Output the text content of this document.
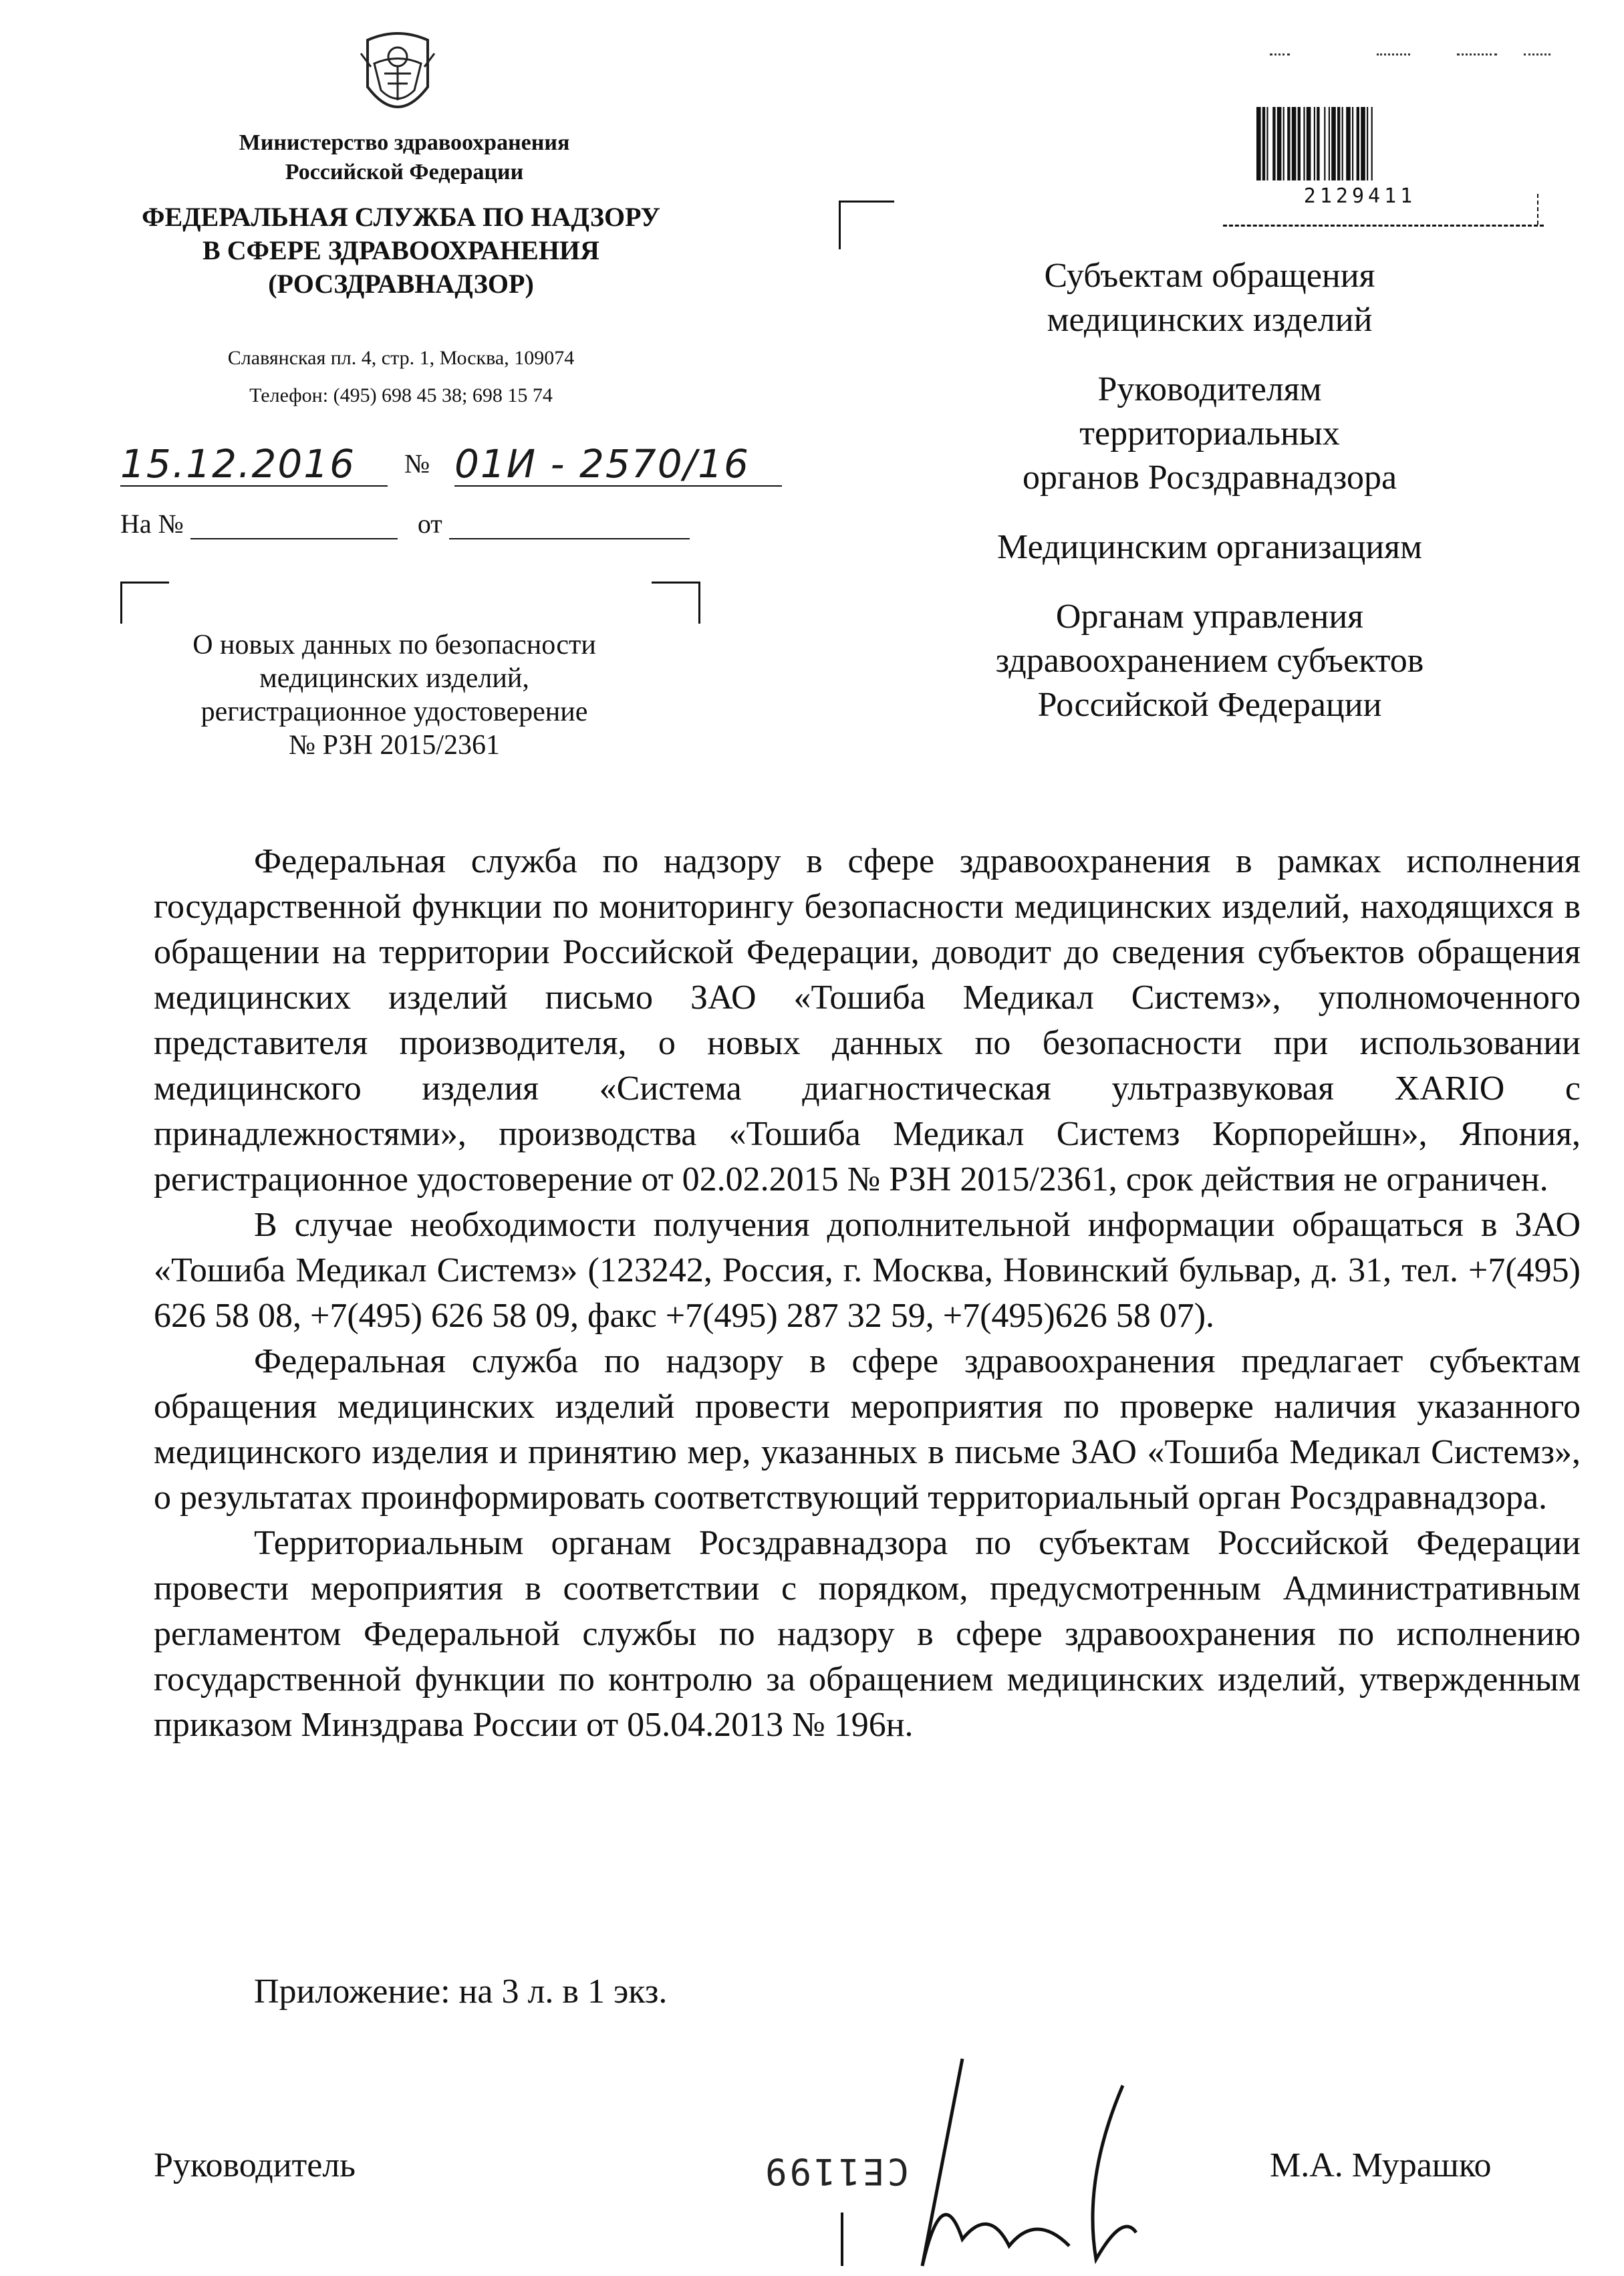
Министерство здравоохранения
Российской Федерации
ФЕДЕРАЛЬНАЯ СЛУЖБА ПО НАДЗОРУ
В СФЕРЕ ЗДРАВООХРАНЕНИЯ
(РОСЗДРАВНАДЗОР)
Славянская пл. 4, стр. 1, Москва, 109074
Телефон: (495) 698 45 38; 698 15 74
15.12.2016 № 01И - 2570/16
На №	от
О новых данных по безопасности
медицинских изделий,
регистрационное удостоверение
№ РЗН 2015/2361
2129411

Субъектам обращения
медицинских изделий

Руководителям
территориальных
органов Росздравнадзора

Медицинским организациям

Органам управления
здравоохранением субъектов
Российской Федерации

Федеральная служба по надзору в сфере здравоохранения в рамках исполнения государственной функции по мониторингу безопасности медицинских изделий, находящихся в обращении на территории Российской Федерации, доводит до сведения субъектов обращения медицинских изделий письмо ЗАО «Тошиба Медикал Системз», уполномоченного представителя производителя, о новых данных по безопасности при использовании медицинского изделия «Система диагностическая ультразвуковая XARIO с принадлежностями», производства «Тошиба Медикал Системз Корпорейшн», Япония, регистрационное удостоверение от 02.02.2015 № РЗН 2015/2361, срок действия не ограничен.

В случае необходимости получения дополнительной информации обращаться в ЗАО «Тошиба Медикал Системз» (123242, Россия, г. Москва, Новинский бульвар, д. 31, тел. +7(495) 626 58 08, +7(495) 626 58 09, факс +7(495) 287 32 59, +7(495)626 58 07).

Федеральная служба по надзору в сфере здравоохранения предлагает субъектам обращения медицинских изделий провести мероприятия по проверке наличия указанного медицинского изделия и принятию мер, указанных в письме ЗАО «Тошиба Медикал Системз», о результатах проинформировать соответствующий территориальный орган Росздравнадзора.

Территориальным органам Росздравнадзора по субъектам Российской Федерации провести мероприятия в соответствии с порядком, предусмотренным Административным регламентом Федеральной службы по надзору в сфере здравоохранения по исполнению государственной функции по контролю за обращением медицинских изделий, утвержденным приказом Минздрава России от 05.04.2013 № 196н.

Приложение: на 3 л. в 1 экз.
Руководитель	СЕ1199	М.А. Мурашко
